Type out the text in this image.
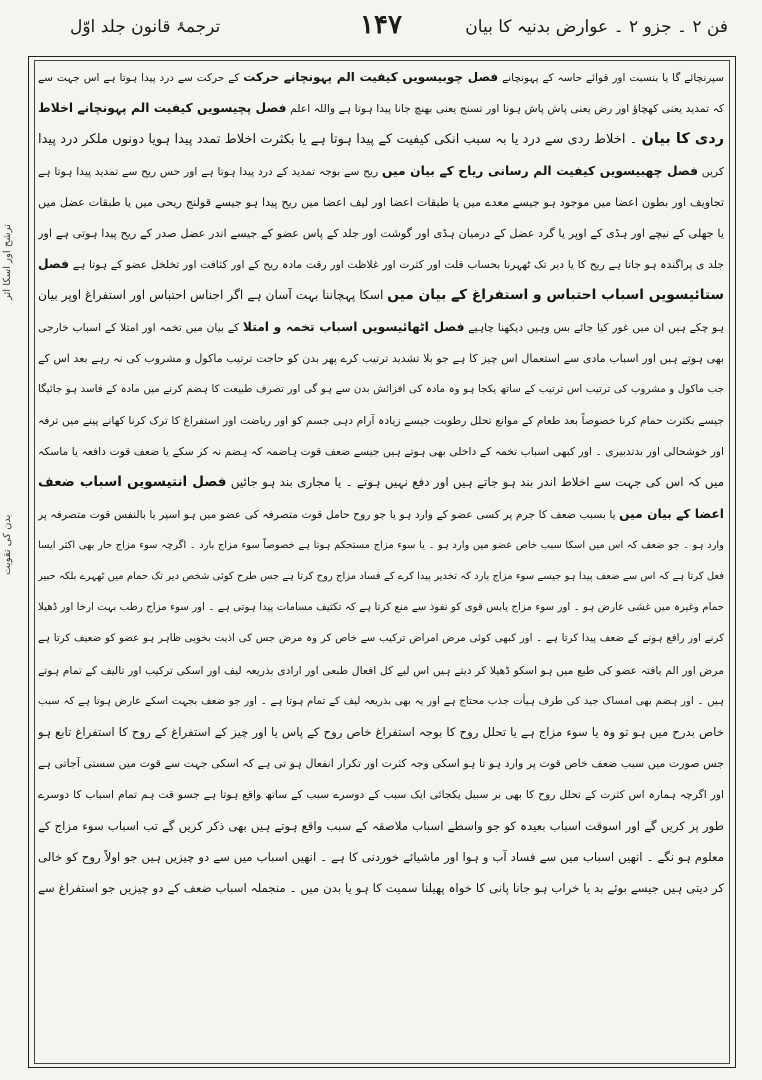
ترجمۂ قانون جلد اوّل	۱۴۷	فن ۲ ۔ جزو ۲ ۔ عوارض بدنیہ کا بیان
ترشح اور اسکا اثر
بدن کی تقویت
سپرنچائے گا یا بنسبت اور قوائے حاسہ کے پہونچانے فصل چوبیسویں کیفیت الم پہونچانے حرکت کے حرکت سے درد پیدا ہوتا ہے اس جہت سے
کہ تمدید یعنی کھچاؤ اور رض یعنی پاش پاش ہونا اور تسنج یعنی بھنچ جانا پیدا ہوتا ہے واللہ اعلم فصل پچیسویں کیفیت الم پہونچانے اخلاط
ردی کا بیان ۔ اخلاط ردی سے درد یا بہ سبب انکی کیفیت کے پیدا ہوتا ہے یا بکثرت اخلاط تمدد پیدا ہویا دونوں ملکر درد پیدا
کریں فصل چھبیسویں کیفیت الم رسانی ریاح کے بیان میں ریح سے بوجہ تمدید کے درد پیدا ہوتا ہے اور حس ریح سے تمدید پیدا ہوتا ہے
تجاویف اور بطون اعضا میں موجود ہو جیسے معدے میں یا طبقات اعضا اور لیف اعضا میں ریح پیدا ہو جیسے قولنج ریحی میں یا طبقات عضل میں
یا جھلی کے نیچے اور ہڈی کے اوپر یا گرد عضل کے درمیان ہڈی اور گوشت اور جلد کے پاس عضو کے جیسے اندر عضل صدر کے ریح پیدا ہوتی ہے اور
جلد ی پراگندہ ہو جاتا ہے ریح کا یا دیر تک ٹھہرنا بحساب قلت اور کثرت اور غلاظت اور رقت مادہ ریح کے اور کثافت اور تخلخل عضو کے ہوتا ہے فصل
ستائیسویں اسباب احتباس و استفراغ کے بیان میں اسکا پہچاننا بہت آسان ہے اگر اجناس احتباس اور استفراغ اوپر بیان
ہو چکے ہیں ان میں غور کیا جائے بس وہیں دیکھنا چاہیے فصل اٹھائیسویں اسباب تخمہ و امتلا کے بیان میں تخمہ اور امتلا کے اسباب خارجی
بھی ہوتے ہیں اور اسباب مادی سے استعمال اس چیز کا ہے جو بلا تشدید ترتیب کرے پھر بدن کو حاجت ترتیب ماکول و مشروب کی نہ رہے بعد اس کے
جب ماکول و مشروب کی ترتیب اس ترتیب کے ساتھ یکجا ہو وہ مادہ کی افزائش بدن سے ہو گی اور تصرف طبیعت کا ہضم کرنے میں مادہ کے فاسد ہو جائیگا
جیسے بکثرت حمام کرنا خصوصاً بعد طعام کے موانع تحلل رطوبت جیسے زیادہ آرام دہی جسم کو اور ریاضت اور استفراغ کا ترک کرنا کھانے پینے میں ترفہ
اور خوشحالی اور بدتدبیری ۔ اور کبھی اسباب تخمہ کے داخلی بھی ہوتے ہیں جیسے ضعف قوت ہاضمہ کہ ہضم نہ کر سکے یا ضعف قوت دافعہ یا ماسکہ
میں کہ اس کی جہت سے اخلاط اندر بند ہو جاتے ہیں اور دفع نہیں ہوتے ۔ یا مجاری بند ہو جائیں فصل انتیسویں اسباب ضعف
اعضا کے بیان میں یا بسبب ضعف کا جرم پر کسی عضو کے وارد ہو یا جو روح حامل قوت متصرفہ کی عضو میں ہو اسپر یا بالنفس قوت متصرفہ پر
وارد ہو ۔ جو ضعف کہ اس میں اسکا سبب خاص عضو میں وارد ہو ۔ یا سوء مزاج مستحکم ہوتا ہے خصوصاً سوء مزاج بارد ۔ اگرچہ سوء مزاج حار بھی اکثر ایسا
فعل کرتا ہے کہ اس سے ضعف پیدا ہو جیسے سوء مزاج بارد کہ تخدیر پیدا کرے کے فساد مزاج روح کرتا ہے جس طرح کوئی شخص دیر تک حمام میں ٹھہرے بلکہ حبیر
حمام وغیرہ میں غشی عارض ہو ۔ اور سوء مزاج یابس قوی کو نفوذ سے منع کرتا ہے کہ تکثیف مسامات پیدا ہوتی ہے ۔ اور سوء مزاج رطب بہت ارخا اور ڈھیلا
کرنے اور رافع ہونے کے ضعف پیدا کرتا ہے ۔ اور کبھی کوئی مرض امراض ترکیب سے خاص کر وہ مرض جس کی اذیت بخوبی ظاہر ہو عضو کو ضعیف کرتا ہے
مرض اور الم یافتہ عضو کی طبع میں ہو اسکو ڈھیلا کر دیتے ہیں اس لیے کل افعال طبعی اور ارادی بذریعہ لیف اور اسکی ترکیب اور تالیف کے تمام ہوتے
ہیں ۔ اور ہضم بھی امساک جید کی طرف ہیأت جذب محتاج ہے اور یہ بھی بذریعہ لیف کے تمام ہوتا ہے ۔ اور جو ضعف بجہت اسکے عارض ہوتا ہے کہ سبب
خاص بدرح میں ہو تو وہ یا سوء مزاج ہے یا تحلل روح کا بوجہ استفراغ خاص روح کے پاس یا اور چیز کے استفراغ کے روح کا استفراغ تابع ہو
جس صورت میں سبب ضعف خاص قوت پر وارد ہو تا ہو اسکی وجہ کثرت اور تکرار انفعال ہو تی ہے کہ اسکی جہت سے قوت میں سستی آجاتی ہے
اور اگرچہ ہمارہ اس کثرت کے تحلل روح کا بھی بر سبیل یکجائی ایک سبب کے دوسرے سبب کے ساتھ واقع ہوتا ہے جسو قت ہم تمام اسباب کا دوسرے
طور پر کریں گے اور اسوقت اسباب بعیدہ کو جو واسطے اسباب ملاصقہ کے سبب واقع ہوتے ہیں بھی ذکر کریں گے تب اسباب سوء مزاج کے
معلوم ہو نگے ۔ انھیں اسباب میں سے فساد آب و ہوا اور ماشیائے خوردنی کا ہے ۔ انھیں اسباب میں سے دو چیزیں ہیں جو اولاً روح کو خالی
کر دیتی ہیں جیسے بوئے بد یا خراب ہو جانا پانی کا خواہ پھیلنا سمیت کا ہو یا بدن میں ۔ منجملہ اسباب ضعف کے دو چیزیں جو استفراغ سے
